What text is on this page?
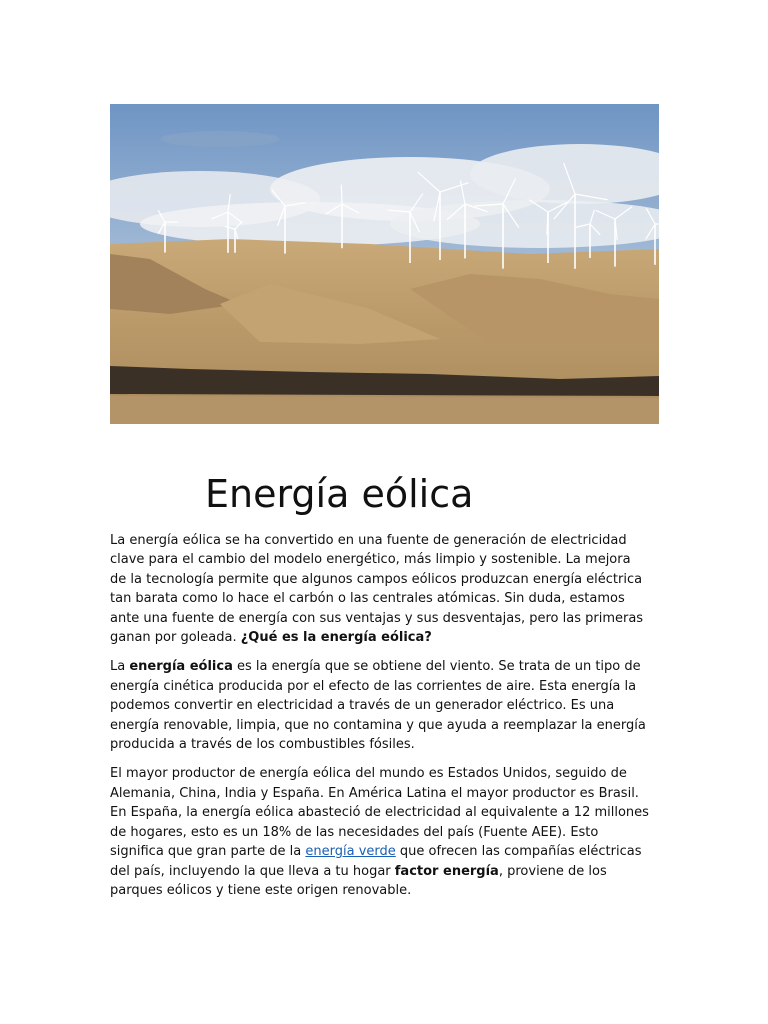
Energía eólica

La energía eólica se ha convertido en una fuente de generación de electricidad clave para el cambio del modelo energético, más limpio y sostenible. La mejora de la tecnología permite que algunos campos eólicos produzcan energía eléctrica tan barata como lo hace el carbón o las centrales atómicas. Sin duda, estamos ante una fuente de energía con sus ventajas y sus desventajas, pero las primeras ganan por goleada. ¿Qué es la energía eólica?

La energía eólica es la energía que se obtiene del viento. Se trata de un tipo de energía cinética producida por el efecto de las corrientes de aire. Esta energía la podemos convertir en electricidad a través de un generador eléctrico. Es una energía renovable, limpia, que no contamina y que ayuda a reemplazar la energía producida a través de los combustibles fósiles.

El mayor productor de energía eólica del mundo es Estados Unidos, seguido de Alemania, China, India y España. En América Latina el mayor productor es Brasil. En España, la energía eólica abasteció de electricidad al equivalente a 12 millones de hogares, esto es un 18% de las necesidades del país (Fuente AEE). Esto significa que gran parte de la energía verde que ofrecen las compañías eléctricas del país, incluyendo la que lleva a tu hogar factor energía, proviene de los parques eólicos y tiene este origen renovable.
